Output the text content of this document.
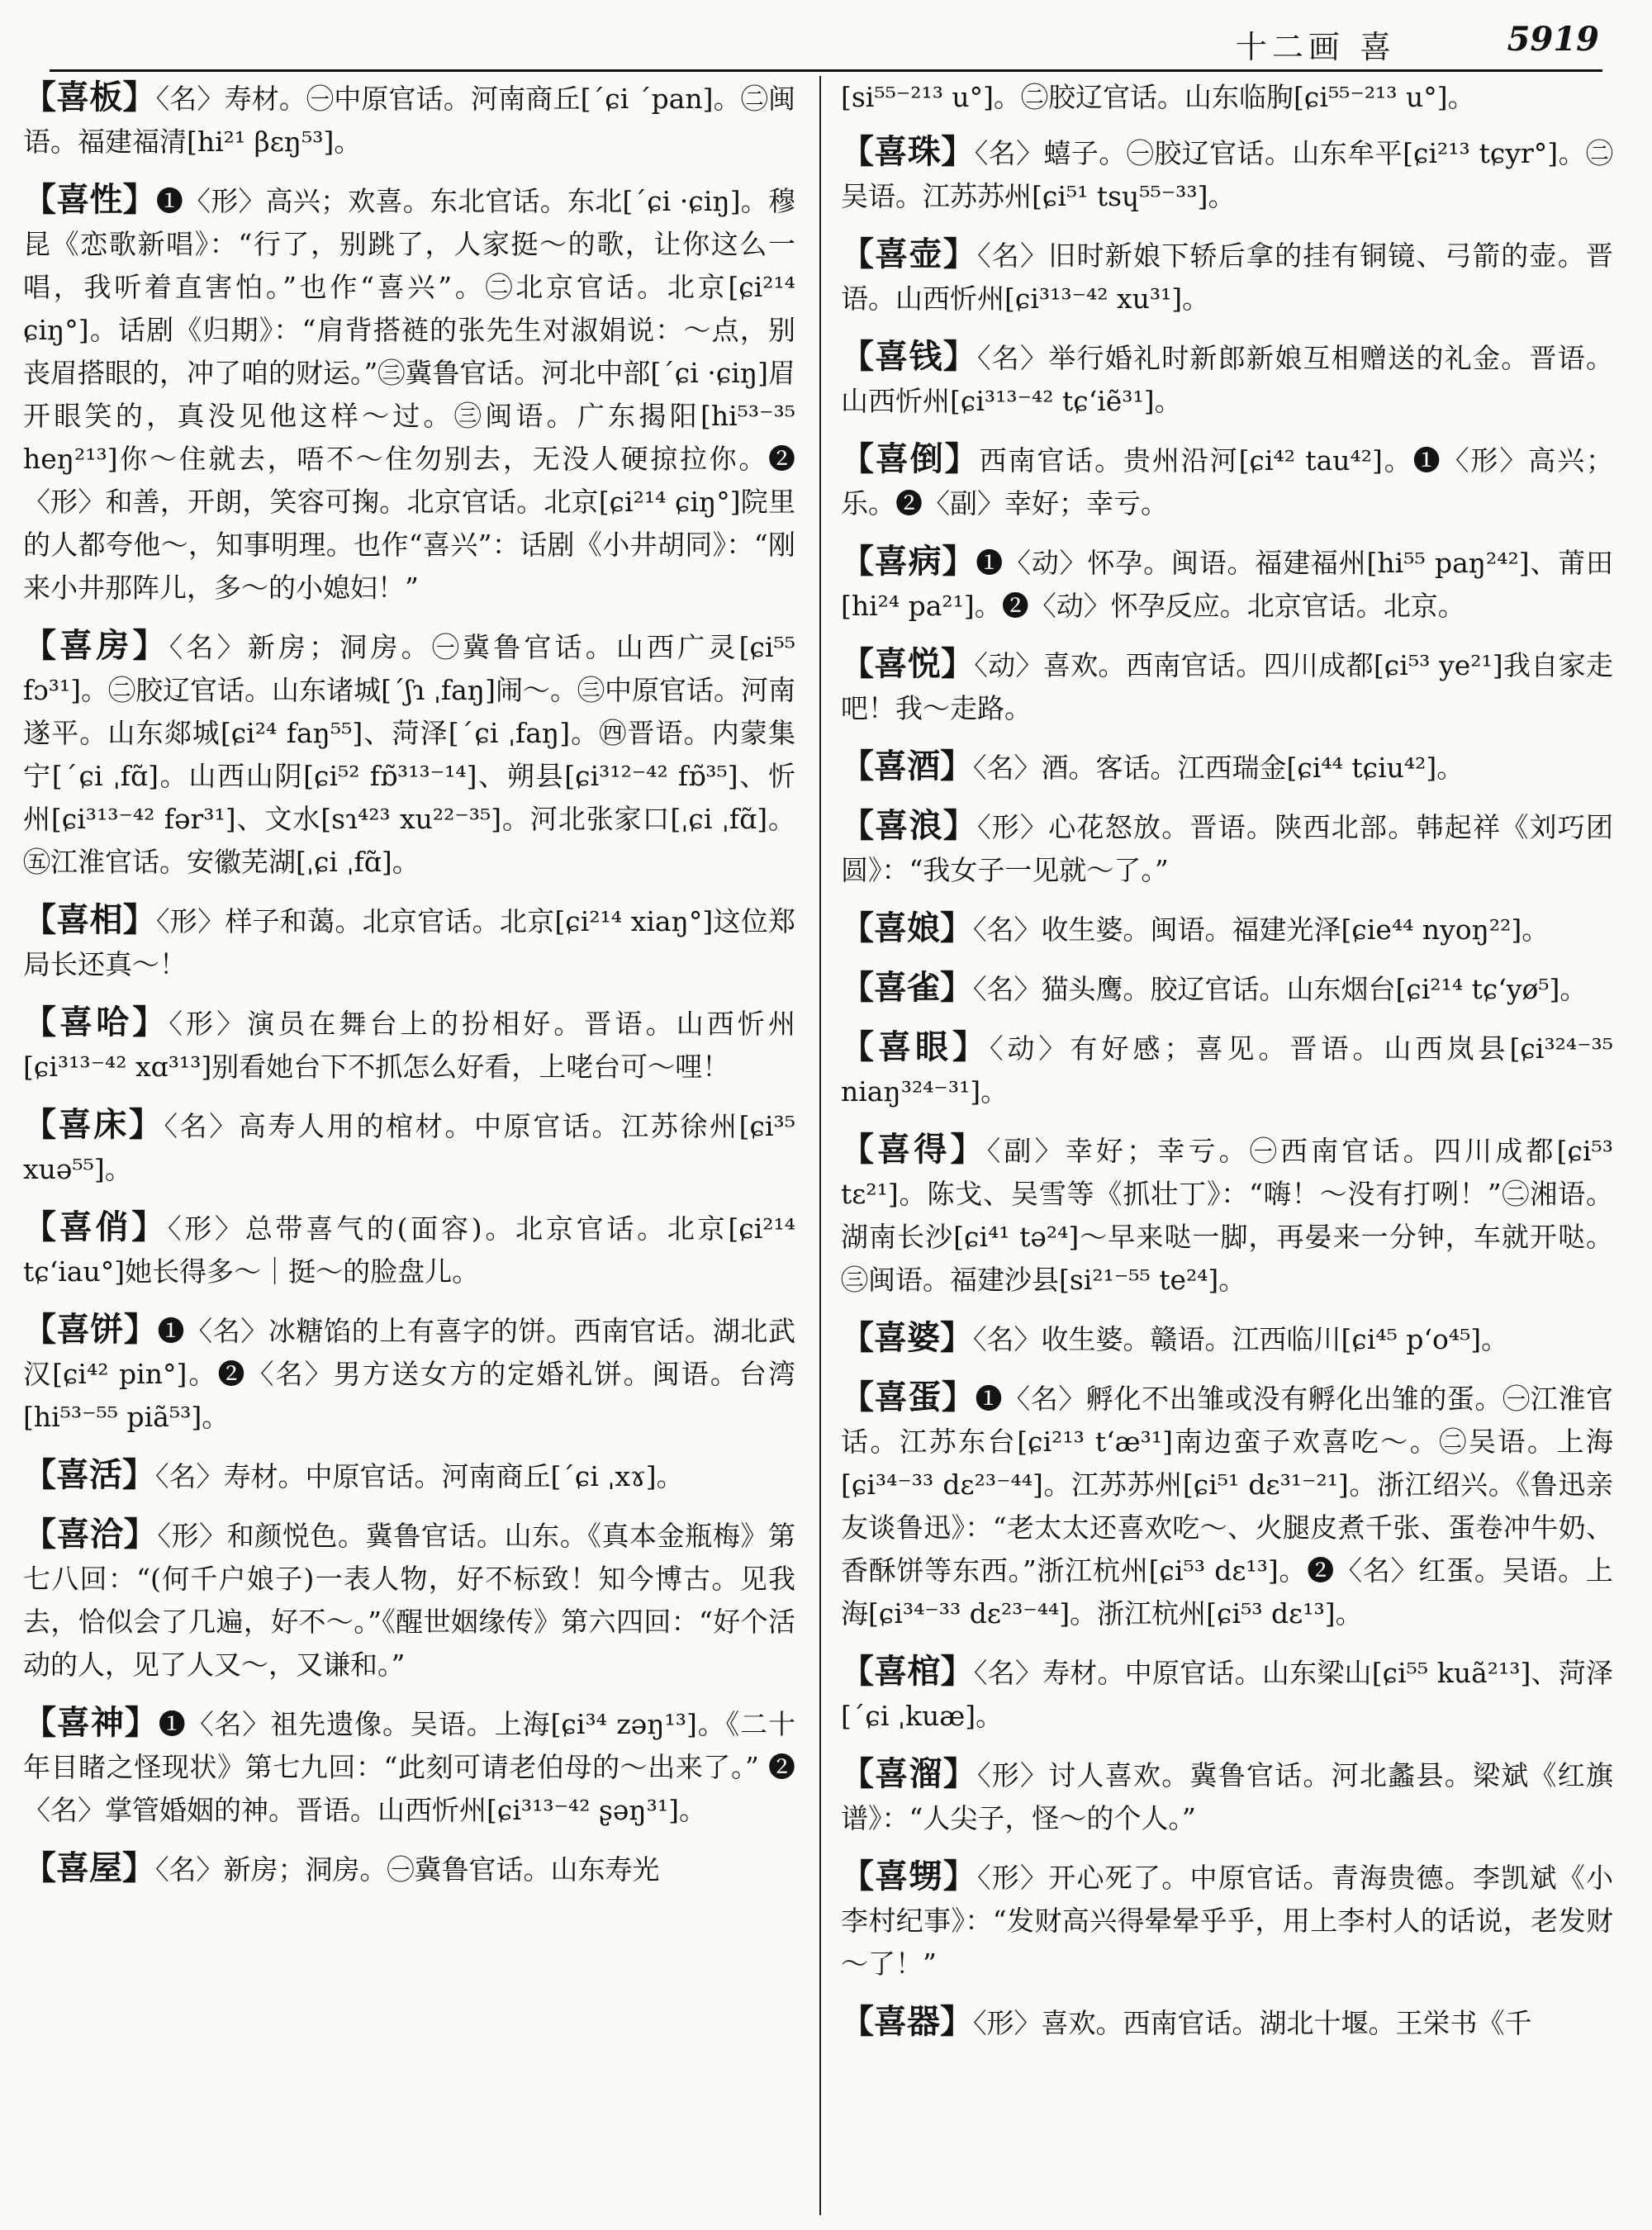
十二画 喜	5919

【喜板】〈名〉寿材。㊀中原官话。河南商丘[ˊɕi ˊpan]。㊁闽语。福建福清[hi²¹ βɛŋ⁵³]。

【喜性】❶〈形〉高兴；欢喜。东北官话。东北[ˊɕi ·ɕiŋ]。穆昆《恋歌新唱》：“行了，别跳了，人家挺～的歌，让你这么一唱，我听着直害怕。”也作“喜兴”。㊁北京官话。北京[ɕi²¹⁴ ɕiŋ°]。话剧《归期》：“肩背搭裢的张先生对淑娟说：～点，别丧眉搭眼的，冲了咱的财运。”㊂冀鲁官话。河北中部[ˊɕi ·ɕiŋ]眉开眼笑的，真没见他这样～过。㊂闽语。广东揭阳[hi⁵³⁻³⁵ heŋ²¹³]你～住就去，唔不～住勿别去，无没人硬掠拉你。❷〈形〉和善，开朗，笑容可掬。北京官话。北京[ɕi²¹⁴ ɕiŋ°]院里的人都夸他～，知事明理。也作“喜兴”：话剧《小井胡同》：“刚来小井那阵儿，多～的小媳妇！”

【喜房】〈名〉新房；洞房。㊀冀鲁官话。山西广灵[ɕi⁵⁵ fɔ³¹]。㊁胶辽官话。山东诸城[ˊʃɿ ˌfaŋ]闹～。㊂中原官话。河南遂平。山东郯城[ɕi²⁴ faŋ⁵⁵]、菏泽[ˊɕi ˌfaŋ]。㊃晋语。内蒙集宁[ˊɕi ˌfɑ̃]。山西山阴[ɕi⁵² fɒ̃³¹³⁻¹⁴]、朔县[ɕi³¹²⁻⁴² fɒ̃³⁵]、忻州[ɕi³¹³⁻⁴² fər³¹]、文水[sɿ⁴²³ xu²²⁻³⁵]。河北张家口[ˌɕi ˌfɑ̃]。㊄江淮官话。安徽芜湖[ˌɕi ˌfɑ̃]。

【喜相】〈形〉样子和蔼。北京官话。北京[ɕi²¹⁴ xiaŋ°]这位郑局长还真～！

【喜哈】〈形〉演员在舞台上的扮相好。晋语。山西忻州[ɕi³¹³⁻⁴² xɑ³¹³]别看她台下不抓怎么好看，上咾台可～哩！

【喜床】〈名〉高寿人用的棺材。中原官话。江苏徐州[ɕi³⁵ xuə⁵⁵]。

【喜俏】〈形〉总带喜气的(面容)。北京官话。北京[ɕi²¹⁴ tɕʻiau°]她长得多～｜挺～的脸盘儿。

【喜饼】❶〈名〉冰糖馅的上有喜字的饼。西南官话。湖北武汉[ɕi⁴² pin°]。❷〈名〉男方送女方的定婚礼饼。闽语。台湾[hi⁵³⁻⁵⁵ piã⁵³]。

【喜活】〈名〉寿材。中原官话。河南商丘[ˊɕi ˌxɤ]。

【喜洽】〈形〉和颜悦色。冀鲁官话。山东。《真本金瓶梅》第七八回：“(何千户娘子)一表人物，好不标致！知今博古。见我去，恰似会了几遍，好不～。”《醒世姻缘传》第六四回：“好个活动的人，见了人又～，又谦和。”

【喜神】❶〈名〉祖先遗像。吴语。上海[ɕi³⁴ zəŋ¹³]。《二十年目睹之怪现状》第七九回：“此刻可请老伯母的～出来了。” ❷〈名〉掌管婚姻的神。晋语。山西忻州[ɕi³¹³⁻⁴² ʂəŋ³¹]。

【喜屋】〈名〉新房；洞房。㊀冀鲁官话。山东寿光

[si⁵⁵⁻²¹³ u°]。㊁胶辽官话。山东临朐[ɕi⁵⁵⁻²¹³ u°]。

【喜珠】〈名〉蟢子。㊀胶辽官话。山东牟平[ɕi²¹³ tɕyr°]。㊁吴语。江苏苏州[ɕi⁵¹ tsɥ⁵⁵⁻³³]。

【喜壶】〈名〉旧时新娘下轿后拿的挂有铜镜、弓箭的壶。晋语。山西忻州[ɕi³¹³⁻⁴² xu³¹]。

【喜钱】〈名〉举行婚礼时新郎新娘互相赠送的礼金。晋语。山西忻州[ɕi³¹³⁻⁴² tɕʻiẽ³¹]。

【喜倒】西南官话。贵州沿河[ɕi⁴² tau⁴²]。❶〈形〉高兴；乐。❷〈副〉幸好；幸亏。

【喜病】❶〈动〉怀孕。闽语。福建福州[hi⁵⁵ paŋ²⁴²]、莆田[hi²⁴ pa²¹]。❷〈动〉怀孕反应。北京官话。北京。

【喜悦】〈动〉喜欢。西南官话。四川成都[ɕi⁵³ ye²¹]我自家走吧！我～走路。

【喜酒】〈名〉酒。客话。江西瑞金[ɕi⁴⁴ tɕiu⁴²]。

【喜浪】〈形〉心花怒放。晋语。陕西北部。韩起祥《刘巧团圆》：“我女子一见就～了。”

【喜娘】〈名〉收生婆。闽语。福建光泽[ɕie⁴⁴ nyoŋ²²]。

【喜雀】〈名〉猫头鹰。胶辽官话。山东烟台[ɕi²¹⁴ tɕʻyø⁵]。

【喜眼】〈动〉有好感；喜见。晋语。山西岚县[ɕi³²⁴⁻³⁵ niaŋ³²⁴⁻³¹]。

【喜得】〈副〉幸好；幸亏。㊀西南官话。四川成都[ɕi⁵³ tɛ²¹]。陈戈、吴雪等《抓壮丁》：“嗨！～没有打咧！”㊁湘语。湖南长沙[ɕi⁴¹ tə²⁴]～早来哒一脚，再晏来一分钟，车就开哒。㊂闽语。福建沙县[si²¹⁻⁵⁵ te²⁴]。

【喜婆】〈名〉收生婆。赣语。江西临川[ɕi⁴⁵ pʻo⁴⁵]。

【喜蛋】❶〈名〉孵化不出雏或没有孵化出雏的蛋。㊀江淮官话。江苏东台[ɕi²¹³ tʻæ³¹]南边蛮子欢喜吃～。㊁吴语。上海[ɕi³⁴⁻³³ dɛ²³⁻⁴⁴]。江苏苏州[ɕi⁵¹ dɛ³¹⁻²¹]。浙江绍兴。《鲁迅亲友谈鲁迅》：“老太太还喜欢吃～、火腿皮煮千张、蛋卷冲牛奶、香酥饼等东西。”浙江杭州[ɕi⁵³ dɛ¹³]。❷〈名〉红蛋。吴语。上海[ɕi³⁴⁻³³ dɛ²³⁻⁴⁴]。浙江杭州[ɕi⁵³ dɛ¹³]。

【喜棺】〈名〉寿材。中原官话。山东梁山[ɕi⁵⁵ kuã²¹³]、菏泽[ˊɕi ˌkuæ]。

【喜溜】〈形〉讨人喜欢。冀鲁官话。河北蠡县。梁斌《红旗谱》：“人尖子，怪～的个人。”

【喜甥】〈形〉开心死了。中原官话。青海贵德。李凯斌《小李村纪事》：“发财高兴得晕晕乎乎，用上李村人的话说，老发财～了！”

【喜器】〈形〉喜欢。西南官话。湖北十堰。王栄书《千
